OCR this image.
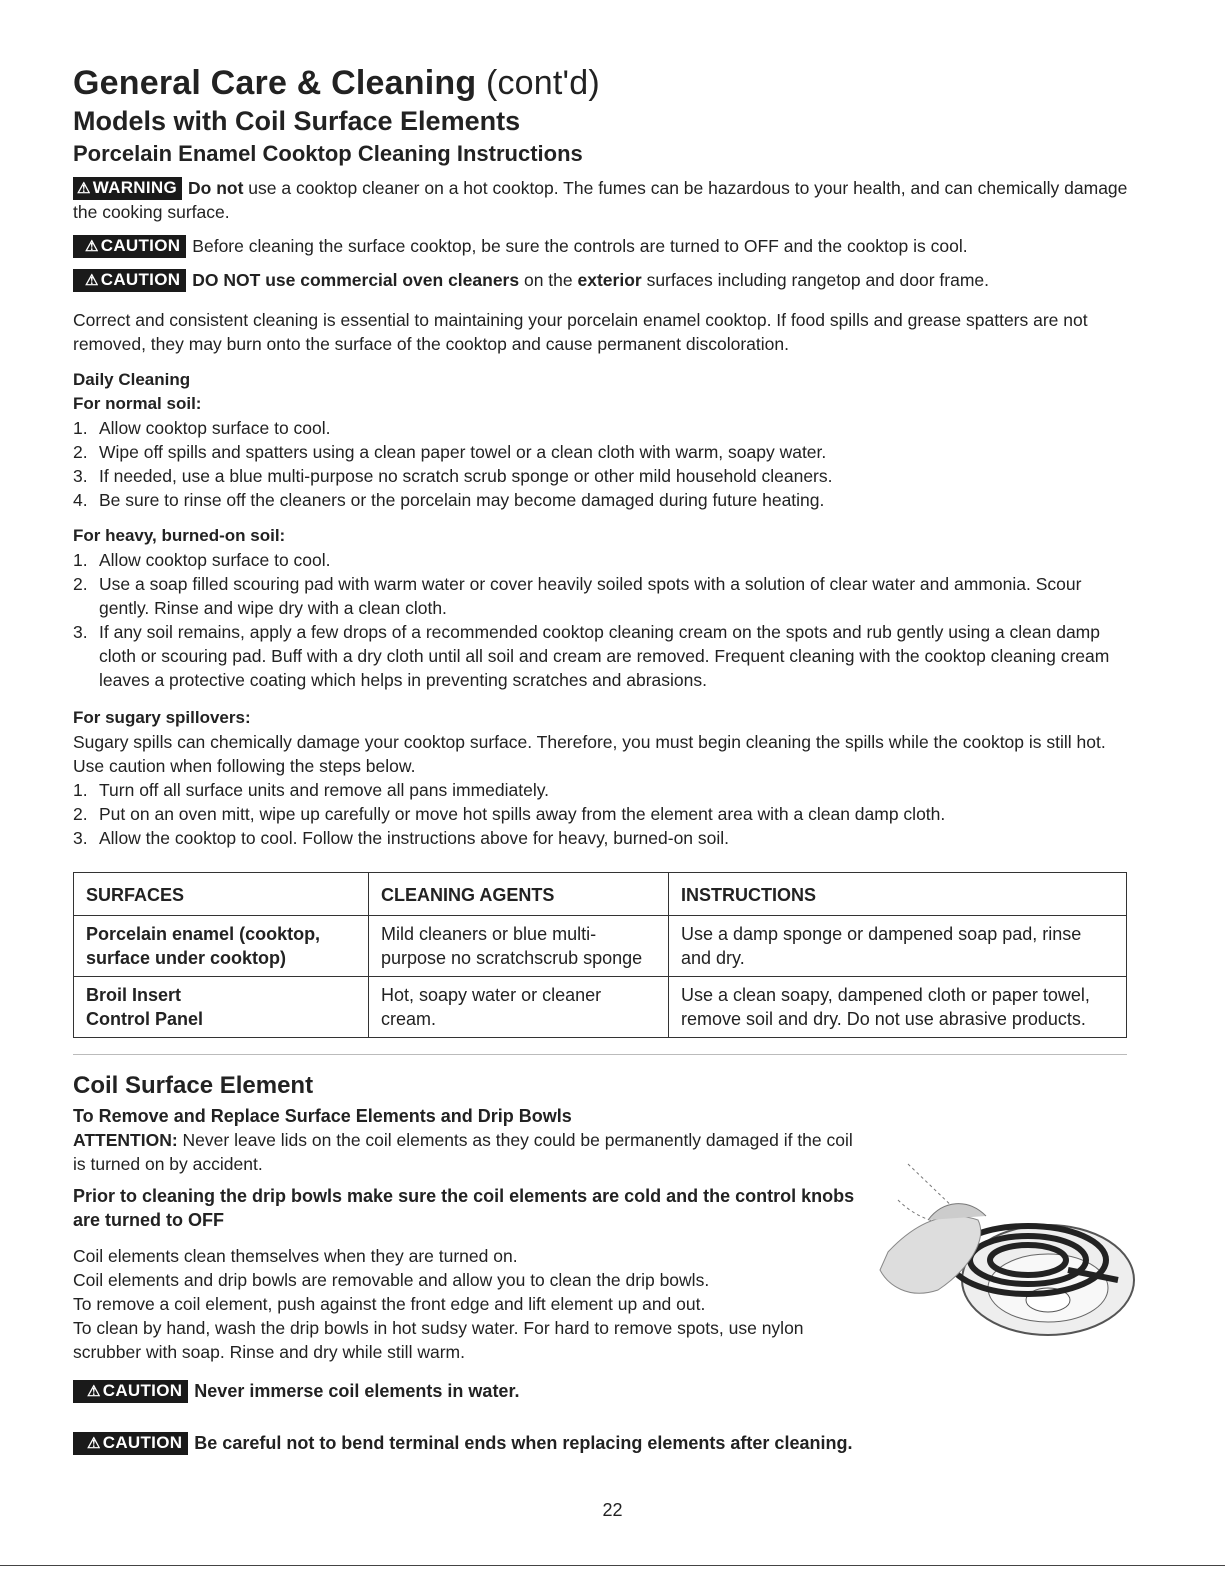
General Care & Cleaning (cont'd)
Models with Coil Surface Elements
Porcelain Enamel Cooktop Cleaning Instructions
⚠ WARNING Do not use a cooktop cleaner on a hot cooktop. The fumes can be hazardous to your health, and can chemically damage the cooking surface.
⚠ CAUTION Before cleaning the surface cooktop, be sure the controls are turned to OFF and the cooktop is cool.
⚠ CAUTION DO NOT use commercial oven cleaners on the exterior surfaces including rangetop and door frame.
Correct and consistent cleaning is essential to maintaining your porcelain enamel cooktop. If food spills and grease spatters are not removed, they may burn onto the surface of the cooktop and cause permanent discoloration.
Daily Cleaning
For normal soil:
1. Allow cooktop surface to cool.
2. Wipe off spills and spatters using a clean paper towel or a clean cloth with warm, soapy water.
3. If needed, use a blue multi-purpose no scratch scrub sponge or other mild household cleaners.
4. Be sure to rinse off the cleaners or the porcelain may become damaged during future heating.
For heavy, burned-on soil:
1. Allow cooktop surface to cool.
2. Use a soap filled scouring pad with warm water or cover heavily soiled spots with a solution of clear water and ammonia. Scour gently. Rinse and wipe dry with a clean cloth.
3. If any soil remains, apply a few drops of a recommended cooktop cleaning cream on the spots and rub gently using a clean damp cloth or scouring pad. Buff with a dry cloth until all soil and cream are removed. Frequent cleaning with the cooktop cleaning cream leaves a protective coating which helps in preventing scratches and abrasions.
For sugary spillovers:
Sugary spills can chemically damage your cooktop surface. Therefore, you must begin cleaning the spills while the cooktop is still hot. Use caution when following the steps below.
1. Turn off all surface units and remove all pans immediately.
2. Put on an oven mitt, wipe up carefully or move hot spills away from the element area with a clean damp cloth.
3. Allow the cooktop to cool. Follow the instructions above for heavy, burned-on soil.
SURFACES	CLEANING AGENTS	INSTRUCTIONS
Porcelain enamel (cooktop, surface under cooktop)	Mild cleaners or blue multi-purpose no scratchscrub sponge	Use a damp sponge or dampened soap pad, rinse and dry.

Broil Insert
Control Panel	Hot, soapy water or cleaner cream.	Use a clean soapy, dampened cloth or paper towel, remove soil and dry. Do not use abrasive products.
Coil Surface Element
To Remove and Replace Surface Elements and Drip Bowls
ATTENTION: Never leave lids on the coil elements as they could be permanently damaged if the coil is turned on by accident.
Prior to cleaning the drip bowls make sure the coil elements are cold and the control knobs are turned to OFF
Coil elements clean themselves when they are turned on.
Coil elements and drip bowls are removable and allow you to clean the drip bowls.
To remove a coil element, push against the front edge and lift element up and out.
To clean by hand, wash the drip bowls in hot sudsy water. For hard to remove spots, use nylon scrubber with soap. Rinse and dry while still warm.
⚠ CAUTION Never immerse coil elements in water.
⚠ CAUTION Be careful not to bend terminal ends when replacing elements after cleaning.
22
